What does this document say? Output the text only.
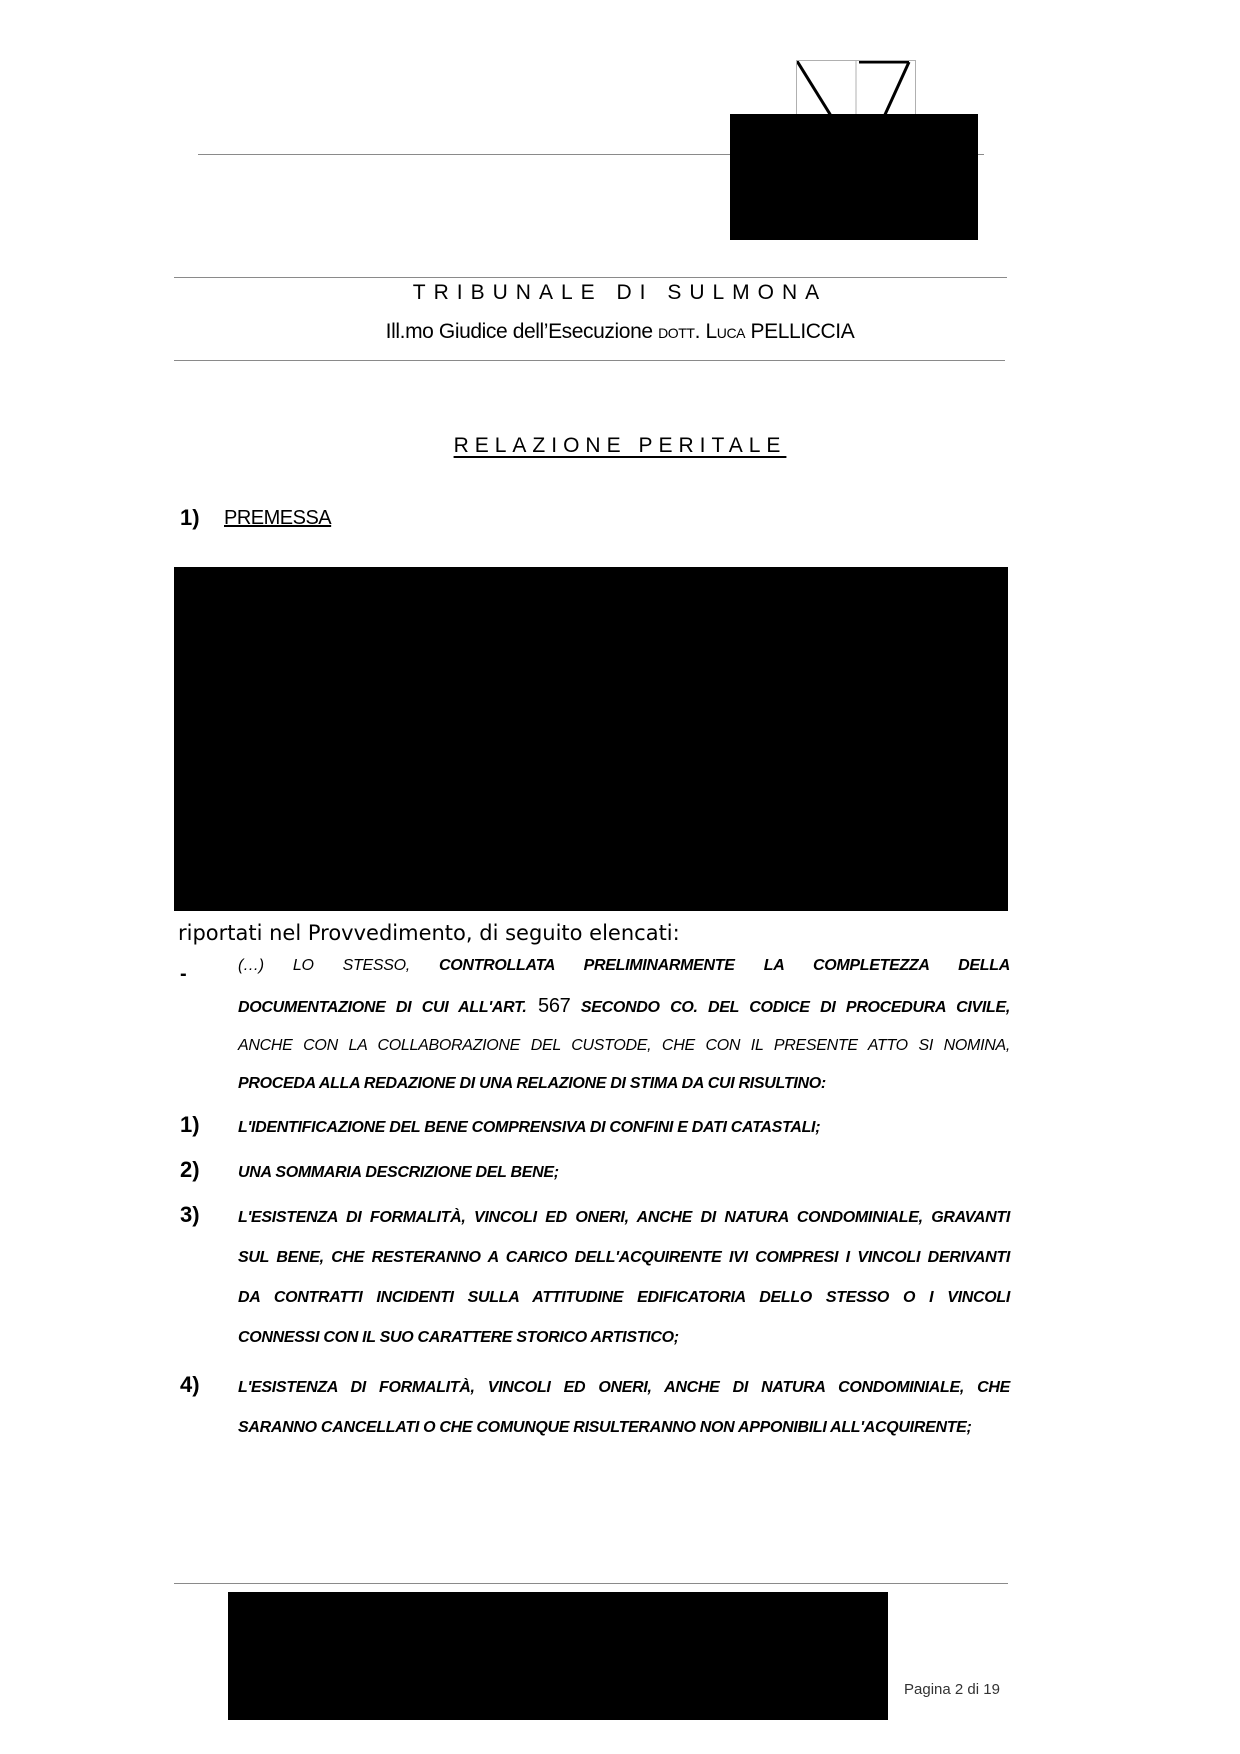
TRIBUNALE DI SULMONA
Ill.mo Giudice dell’Esecuzione DOTT. LUCA PELLICCIA
RELAZIONE PERITALE
1) PREMESSA
riportati nel Provvedimento, di seguito elencati:
-	(…) LO STESSO, CONTROLLATA PRELIMINARMENTE LA COMPLETEZZA DELLA
DOCUMENTAZIONE DI CUI ALL'ART. 567 SECONDO CO. DEL CODICE DI PROCEDURA CIVILE,
ANCHE CON LA COLLABORAZIONE DEL CUSTODE, CHE CON IL PRESENTE ATTO SI NOMINA,
PROCEDA ALLA REDAZIONE DI UNA RELAZIONE DI STIMA DA CUI RISULTINO:
1) L'IDENTIFICAZIONE DEL BENE COMPRENSIVA DI CONFINI E DATI CATASTALI;
2) UNA SOMMARIA DESCRIZIONE DEL BENE;
3) L'ESISTENZA DI FORMALITÀ, VINCOLI ED ONERI, ANCHE DI NATURA CONDOMINIALE, GRAVANTI
SUL BENE, CHE RESTERANNO A CARICO DELL'ACQUIRENTE IVI COMPRESI I VINCOLI DERIVANTI
DA CONTRATTI INCIDENTI SULLA ATTITUDINE EDIFICATORIA DELLO STESSO O I VINCOLI
CONNESSI CON IL SUO CARATTERE STORICO ARTISTICO;
4) L'ESISTENZA DI FORMALITÀ, VINCOLI ED ONERI, ANCHE DI NATURA CONDOMINIALE, CHE
SARANNO CANCELLATI O CHE COMUNQUE RISULTERANNO NON APPONIBILI ALL'ACQUIRENTE;
Pagina 2 di 19
